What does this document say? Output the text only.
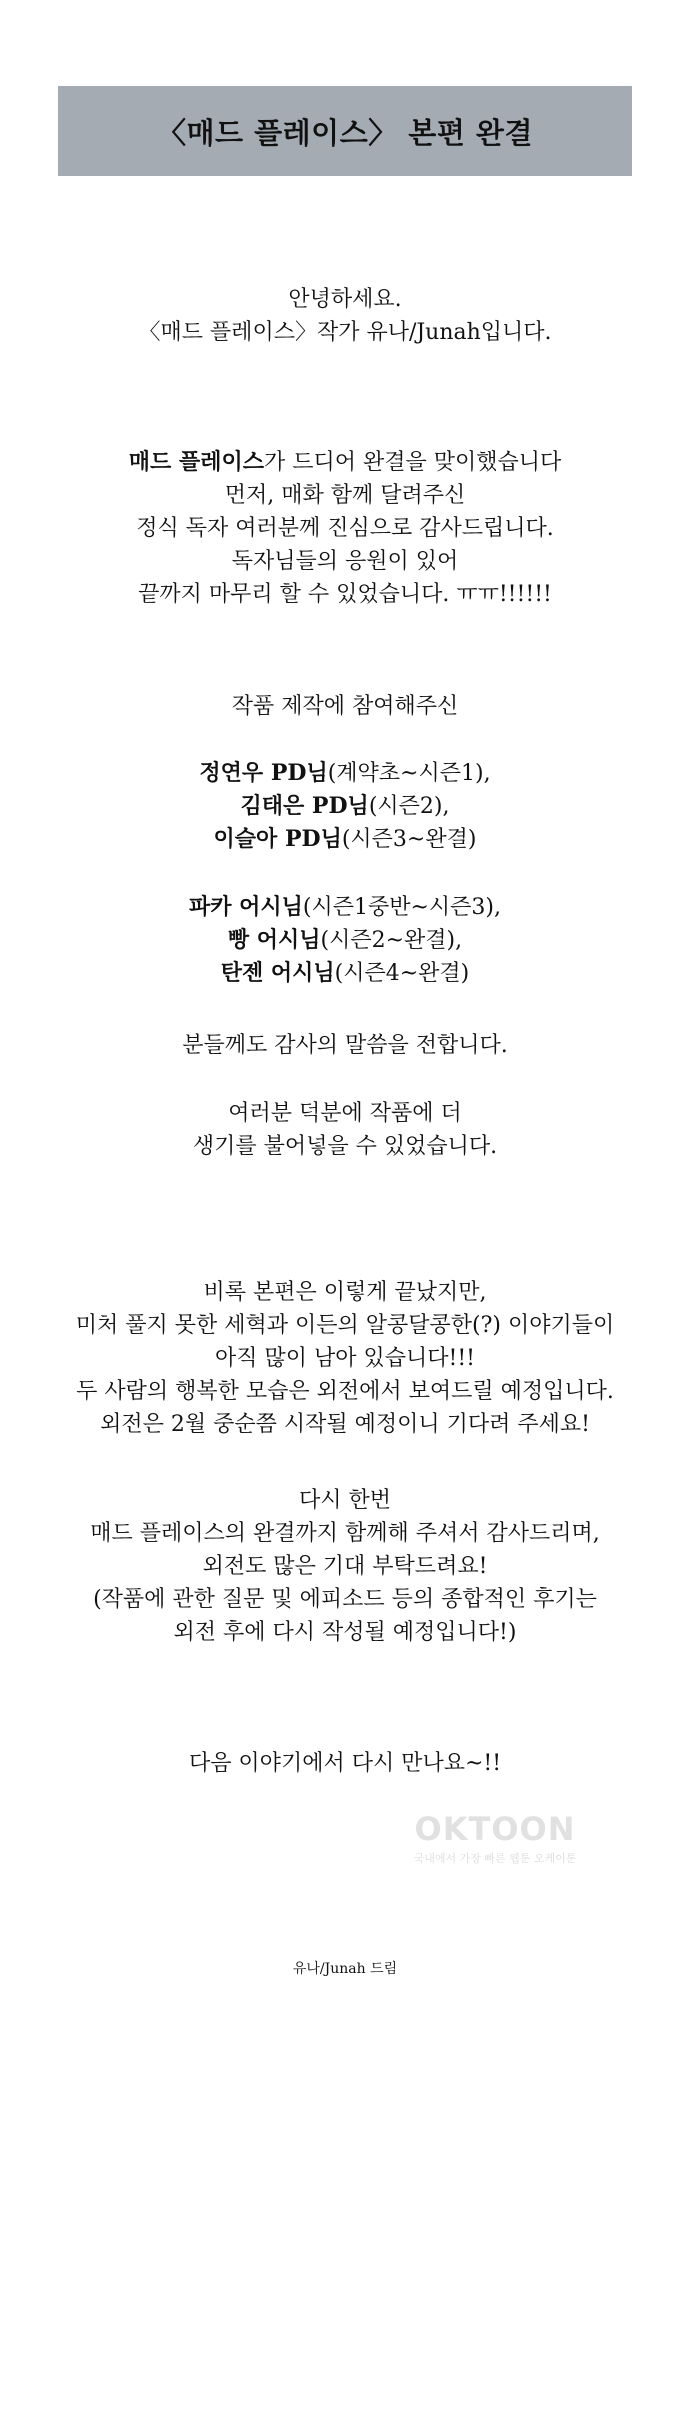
〈매드 플레이스〉 본편 완결
안녕하세요.
〈매드 플레이스〉작가 유나/Junah입니다.
매드 플레이스가 드디어 완결을 맞이했습니다
먼저, 매화 함께 달려주신
정식 독자 여러분께 진심으로 감사드립니다.
독자님들의 응원이 있어
끝까지 마무리 할 수 있었습니다. ㅠㅠ!!!!!!
작품 제작에 참여해주신
정연우 PD님(계약초~시즌1),
김태은 PD님(시즌2),
이슬아 PD님(시즌3~완결)
파카 어시님(시즌1중반~시즌3),
빵 어시님(시즌2~완결),
탄젠 어시님(시즌4~완결)
분들께도 감사의 말씀을 전합니다.
여러분 덕분에 작품에 더
생기를 불어넣을 수 있었습니다.
비록 본편은 이렇게 끝났지만,
미처 풀지 못한 세혁과 이든의 알콩달콩한(?) 이야기들이
아직 많이 남아 있습니다!!!
두 사람의 행복한 모습은 외전에서 보여드릴 예정입니다.
외전은 2월 중순쯤 시작될 예정이니 기다려 주세요!
다시 한번
매드 플레이스의 완결까지 함께해 주셔서 감사드리며,
외전도 많은 기대 부탁드려요!
(작품에 관한 질문 및 에피소드 등의 종합적인 후기는
외전 후에 다시 작성될 예정입니다!)
다음 이야기에서 다시 만나요~!!
OKTOON
국내에서 가장 빠른 웹툰 오케이툰
유나/Junah 드림
